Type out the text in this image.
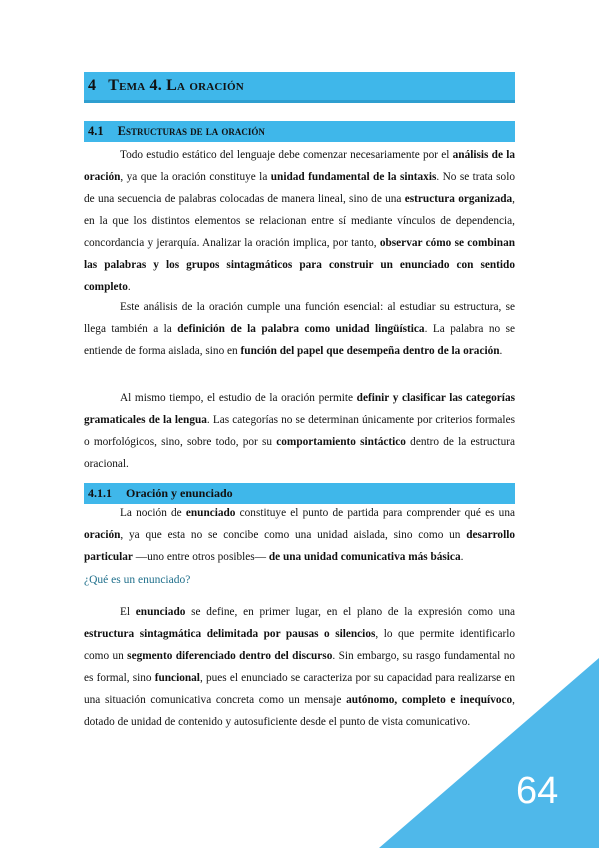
4 Tema 4. La oración
4.1 Estructuras de la oración

Todo estudio estático del lenguaje debe comenzar necesariamente por el análisis de la oración, ya que la oración constituye la unidad fundamental de la sintaxis. No se trata solo de una secuencia de palabras colocadas de manera lineal, sino de una estructura organizada, en la que los distintos elementos se relacionan entre sí mediante vínculos de dependencia, concordancia y jerarquía. Analizar la oración implica, por tanto, observar cómo se combinan las palabras y los grupos sintagmáticos para construir un enunciado con sentido completo.

Este análisis de la oración cumple una función esencial: al estudiar su estructura, se llega también a la definición de la palabra como unidad lingüística. La palabra no se entiende de forma aislada, sino en función del papel que desempeña dentro de la oración.

Al mismo tiempo, el estudio de la oración permite definir y clasificar las categorías gramaticales de la lengua. Las categorías no se determinan únicamente por criterios formales o morfológicos, sino, sobre todo, por su comportamiento sintáctico dentro de la estructura oracional.

4.1.1 Oración y enunciado

La noción de enunciado constituye el punto de partida para comprender qué es una oración, ya que esta no se concibe como una unidad aislada, sino como un desarrollo particular —uno entre otros posibles— de una unidad comunicativa más básica.

¿Qué es un enunciado?

El enunciado se define, en primer lugar, en el plano de la expresión como una estructura sintagmática delimitada por pausas o silencios, lo que permite identificarlo como un segmento diferenciado dentro del discurso. Sin embargo, su rasgo fundamental no es formal, sino funcional, pues el enunciado se caracteriza por su capacidad para realizarse en una situación comunicativa concreta como un mensaje autónomo, completo e inequívoco, dotado de unidad de contenido y autosuficiente desde el punto de vista comunicativo.

64
